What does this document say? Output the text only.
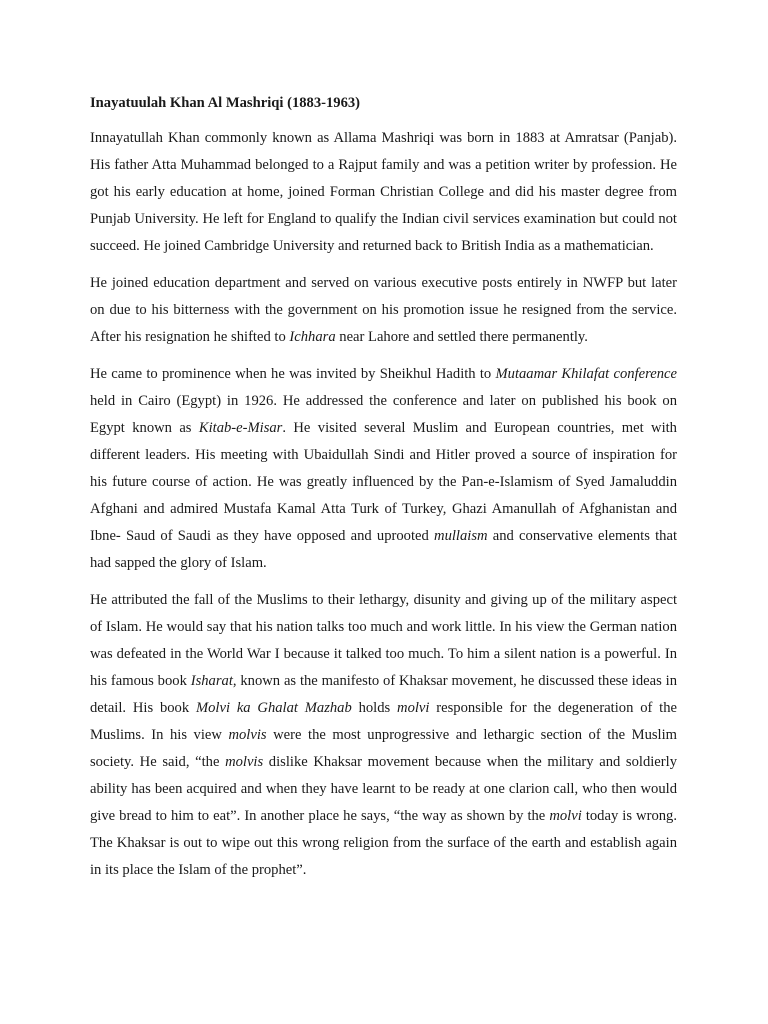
Inayatuulah Khan Al Mashriqi (1883-1963)

Innayatullah Khan commonly known as Allama Mashriqi was born in 1883 at Amratsar (Panjab). His father Atta Muhammad belonged to a Rajput family and was a petition writer by profession. He got his early education at home, joined Forman Christian College and did his master degree from Punjab University. He left for England to qualify the Indian civil services examination but could not succeed. He joined Cambridge University and returned back to British India as a mathematician.

He joined education department and served on various executive posts entirely in NWFP but later on due to his bitterness with the government on his promotion issue he resigned from the service. After his resignation he shifted to Ichhara near Lahore and settled there permanently.

He came to prominence when he was invited by Sheikhul Hadith to Mutaamar Khilafat conference held in Cairo (Egypt) in 1926. He addressed the conference and later on published his book on Egypt known as Kitab-e-Misar. He visited several Muslim and European countries, met with different leaders. His meeting with Ubaidullah Sindi and Hitler proved a source of inspiration for his future course of action. He was greatly influenced by the Pan-e-Islamism of Syed Jamaluddin Afghani and admired Mustafa Kamal Atta Turk of Turkey, Ghazi Amanullah of Afghanistan and Ibne- Saud of Saudi as they have opposed and uprooted mullaism and conservative elements that had sapped the glory of Islam.

He attributed the fall of the Muslims to their lethargy, disunity and giving up of the military aspect of Islam. He would say that his nation talks too much and work little. In his view the German nation was defeated in the World War I because it talked too much. To him a silent nation is a powerful. In his famous book Isharat, known as the manifesto of Khaksar movement, he discussed these ideas in detail. His book Molvi ka Ghalat Mazhab holds molvi responsible for the degeneration of the Muslims. In his view molvis were the most unprogressive and lethargic section of the Muslim society. He said, “the molvis dislike Khaksar movement because when the military and soldierly ability has been acquired and when they have learnt to be ready at one clarion call, who then would give bread to him to eat”. In another place he says, “the way as shown by the molvi today is wrong. The Khaksar is out to wipe out this wrong religion from the surface of the earth and establish again in its place the Islam of the prophet”.
